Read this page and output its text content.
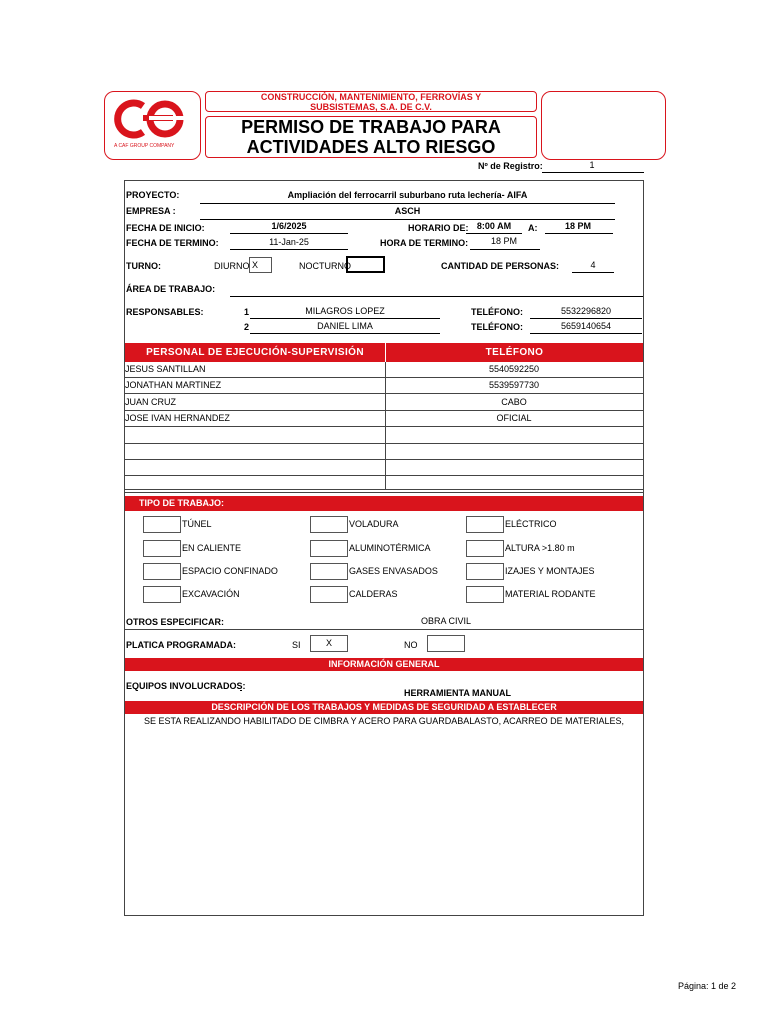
A CAF GROUP COMPANY
CONSTRUCCIÓN, MANTENIMIENTO, FERROVÍAS Y SUBSISTEMAS, S.A. DE C.V.
PERMISO DE TRABAJO PARA
ACTIVIDADES ALTO RIESGO
Nº de Registro:	1
PROYECTO:	Ampliación del ferrocarril suburbano ruta lechería- AIFA
EMPRESA :	ASCH
FECHA DE INICIO:	1/6/2025	HORARIO DE: 8:00 AM	A:	18 PM
FECHA DE TERMINO:	11-Jan-25	HORA DE TERMINO:	18 PM
TURNO:	DIURNO X	NOCTURNO	CANTIDAD DE PERSONAS:	4
ÁREA DE TRABAJO:
RESPONSABLES:	1	MILAGROS LOPEZ	TELÉFONO:	5532296820
2	DANIEL LIMA	TELÉFONO:	5659140654
PERSONAL DE EJECUCIÓN-SUPERVISIÓN	TELÉFONO
JESUS SANTILLAN	5540592250
JONATHAN MARTINEZ	5539597730
JUAN CRUZ	CABO
JOSE IVAN HERNANDEZ	OFICIAL
TIPO DE TRABAJO:
TÚNEL	VOLADURA	ELÉCTRICO
EN CALIENTE	ALUMINOTÉRMICA	ALTURA >1.80 m
ESPACIO CONFINADO	GASES ENVASADOS	IZAJES Y MONTAJES
EXCAVACIÓN	CALDERAS	MATERIAL RODANTE
OTROS ESPECIFICAR:	OBRA CIVIL
PLATICA PROGRAMADA:	SI	X	NO
INFORMACIÓN GENERAL
EQUIPOS INVOLUCRADOS:
HERRAMIENTA MANUAL
DESCRIPCIÓN DE LOS TRABAJOS Y MEDIDAS DE SEGURIDAD A ESTABLECER
SE ESTA REALIZANDO HABILITADO DE CIMBRA Y ACERO PARA GUARDABALASTO, ACARREO DE MATERIALES,
Página: 1 de 2
